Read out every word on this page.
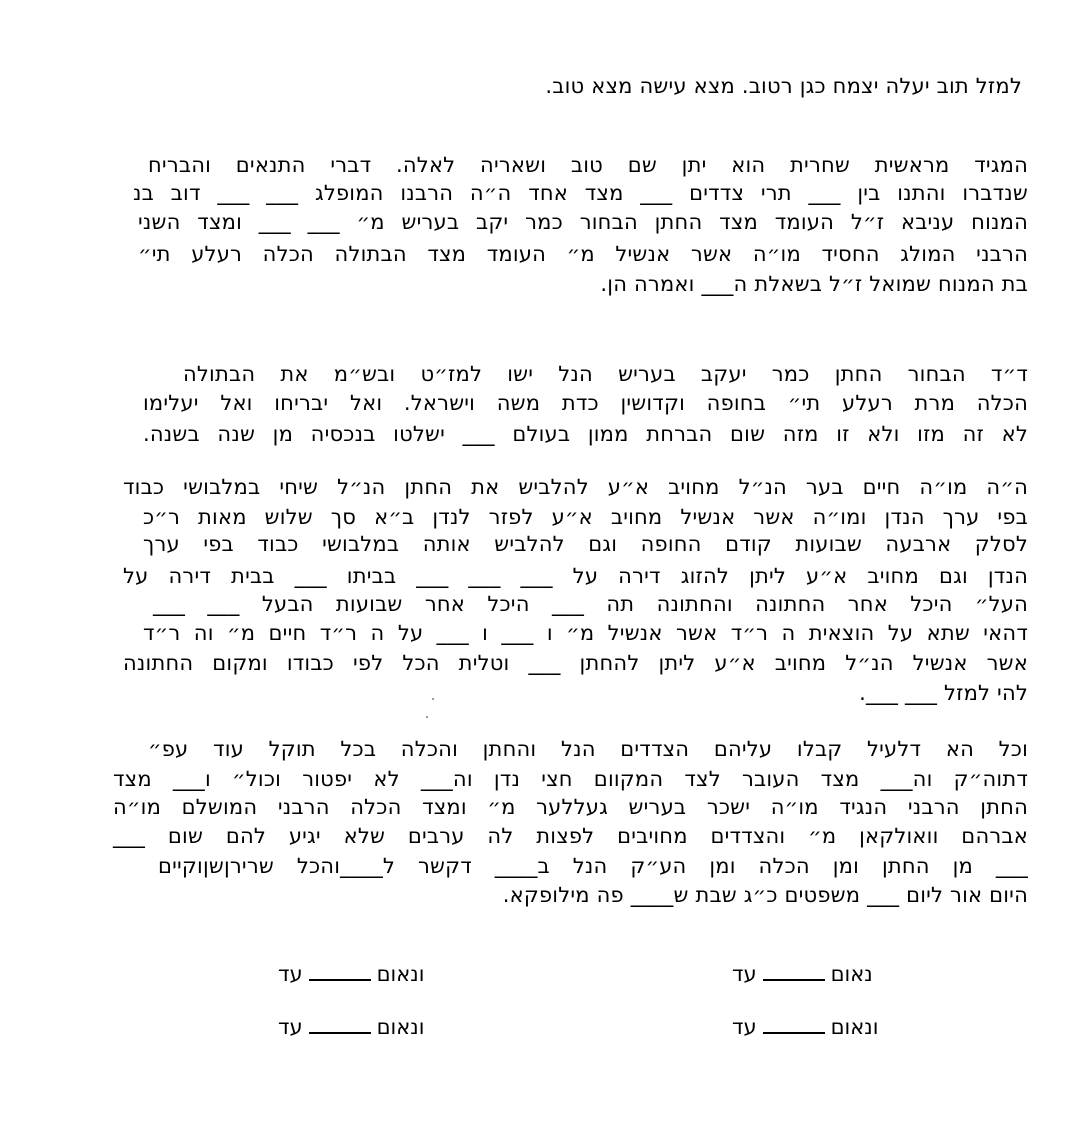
למזל תוב יעלה יצמח כגן רטוב. מצא עישה מצא טוב.
המגיד מראשית שחרית הוא יתן שם טוב ושאריה לאלה. דברי התנאים והבריח
שנדברו והתנו בין ___ תרי צדדים ___ מצד אחד ה״ה הרבנו המופלג ___ ___ דוב בנ
המנוח עניבא ז״ל העומד מצד החתן הבחור כמר יקב בעריש מ״ ___ ___ ומצד השני
הרבני המולג החסיד מו״ה אשר אנשיל מ״ העומד מצד הבתולה הכלה רעלע תי״
בת המנוח שמואל ז״ל בשאלת ה___ ואמרה הן.
ד״ד הבחור החתן כמר יעקב בעריש הנל ישו למז״ט ובש״מ את הבתולה
הכלה מרת רעלע תי״ בחופה וקדושין כדת משה וישראל. ואל יבריחו ואל יעלימו
לא זה מזו ולא זו מזה שום הברחת ממון בעולם ___ ישלטו בנכסיה מן שנה בשנה.
ה״ה מו״ה חיים בער הנ״ל מחויב א״ע להלביש את החתן הנ״ל שיחי במלבושי כבוד
בפי ערך הנדן ומו״ה אשר אנשיל מחויב א״ע לפזר לנדן ב״א סך שלוש מאות ר״כ
לסלק ארבעה שבועות קודם החופה וגם להלביש אותה במלבושי כבוד בפי ערך
הנדן וגם מחויב א״ע ליתן להזוג דירה על ___ ___ ___ בביתו ___ בבית דירה על
העל״ היכל אחר החתונה והחתונה תה ___ היכל אחר שבועות הבעל ___ ___
דהאי שתא על הוצאית ה ר״ד אשר אנשיל מ״ ו ___ ו ___ על ה ר״ד חיים מ״ וה ר״ד
אשר אנשיל הנ״ל מחויב א״ע ליתן להחתן ___ וטלית הכל לפי כבודו ומקום החתונה
להי למזל ___ ___.
וכל הא דלעיל קבלו עליהם הצדדים הנל והחתן והכלה בכל תוקל עוד עפ״
דתוה״ק וה___ מצד העובר לצד המקוום חצי נדן וה___ לא יפטור וכול״ ו___ מצד
החתן הרבני הנגיד מו״ה ישכר בעריש געללער מ״ ומצד הכלה הרבני המושלם מו״ה
אברהם וואולקאן מ״ והצדדים מחויבים לפצות לה ערבים שלא יגיע להם שום ___
___ מן החתן ומן הכלה ומן הע״ק הנל ב____ דקשר ל____והכל שרירןשןוקיים
היום אור ליום ___ משפטים כ״ג שבת ש____ פה מילופקא.
נאוםעד
ונאוםעד
ונאוםעד
ונאוםעד
